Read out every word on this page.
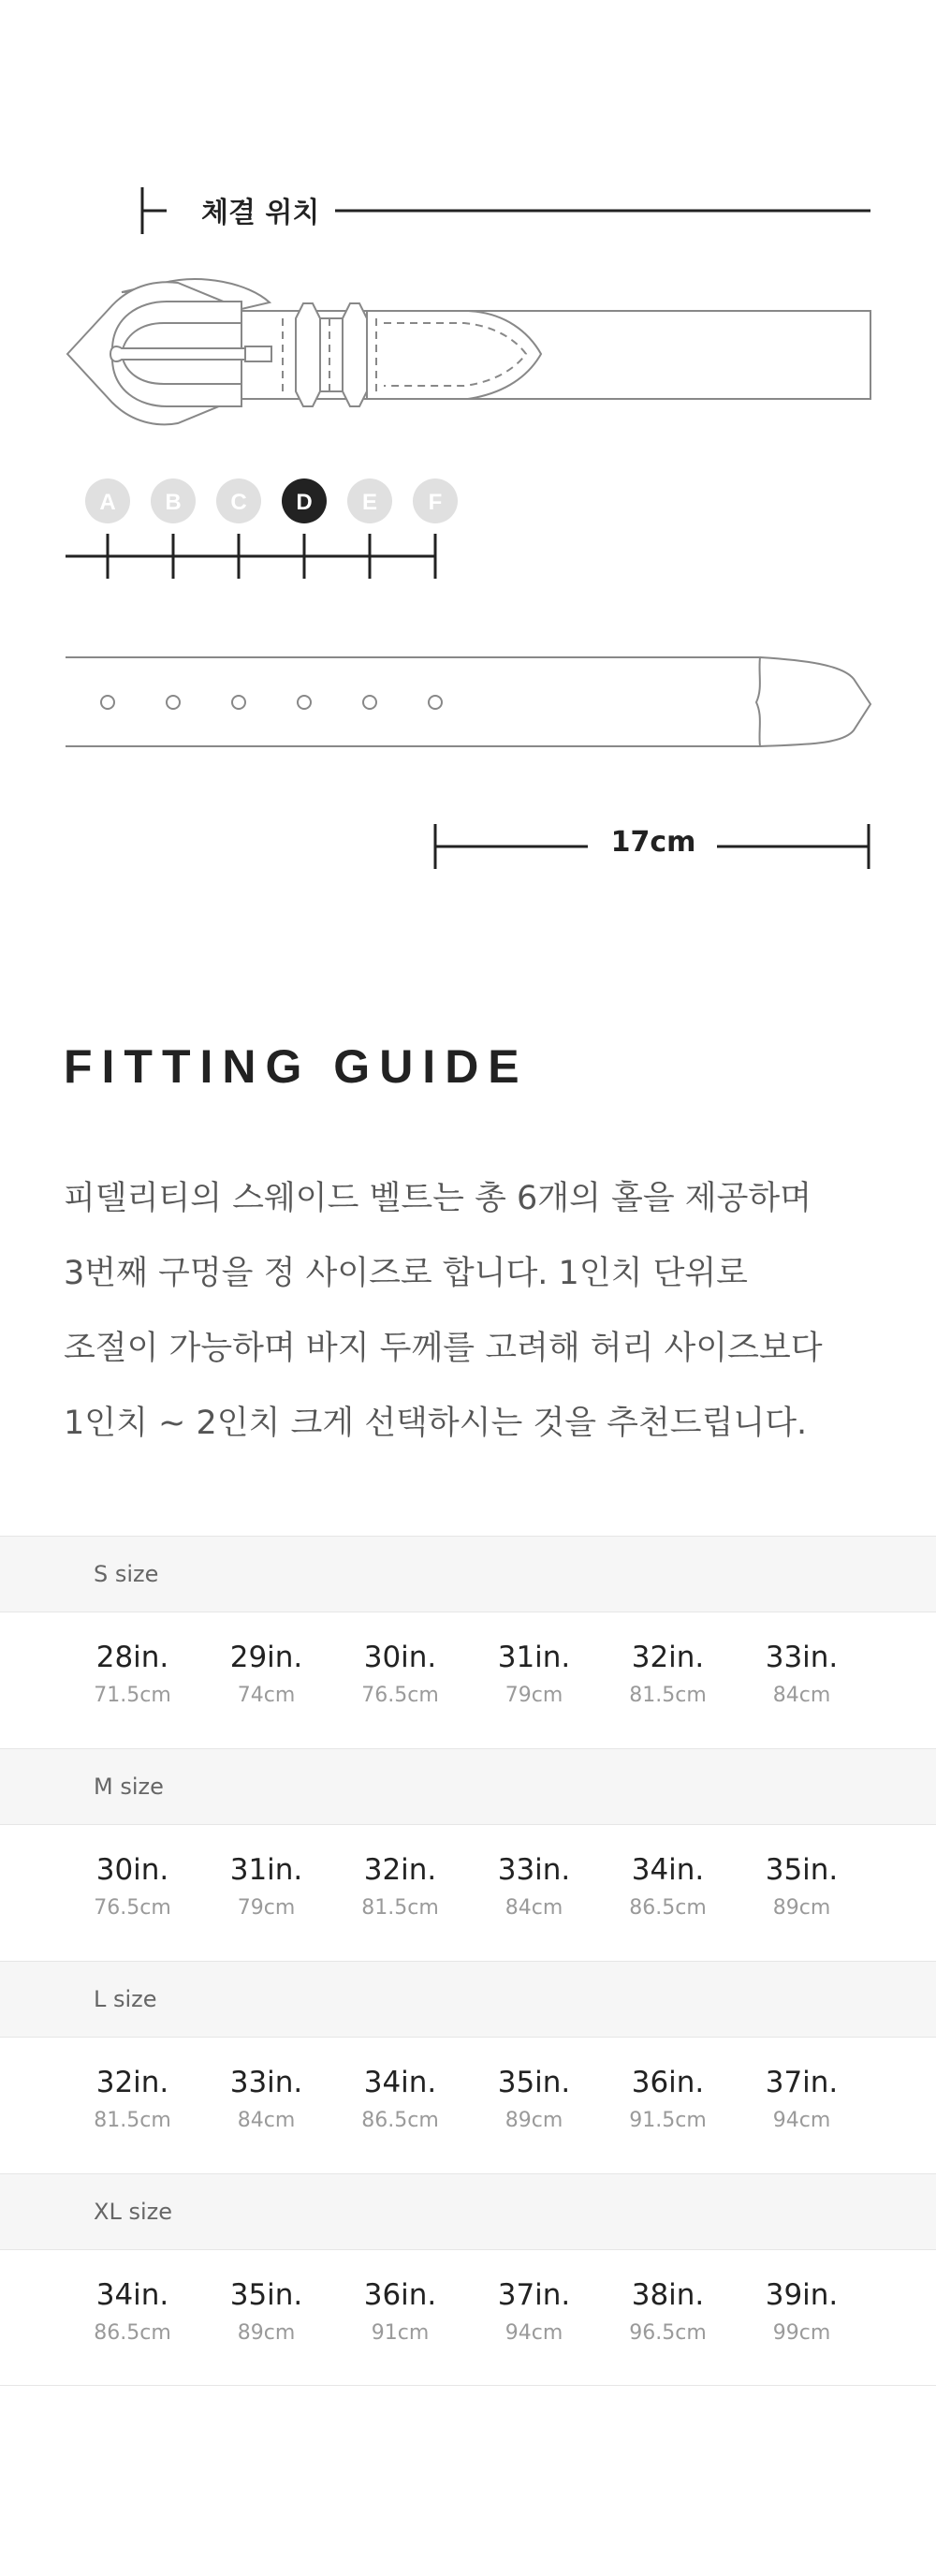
A B C D E F
체결 위치
17cm
FITTING GUIDE
피델리티의 스웨이드 벨트는 총 6개의 홀을 제공하며
3번째 구멍을 정 사이즈로 합니다. 1인치 단위로
조절이 가능하며 바지 두께를 고려해 허리 사이즈보다
1인치 ~ 2인치 크게 선택하시는 것을 추천드립니다.
S size
28in.
71.5cm
29in.
74cm
30in.
76.5cm
31in.
79cm
32in.
81.5cm
33in.
84cm
M size
30in.
76.5cm
31in.
79cm
32in.
81.5cm
33in.
84cm
34in.
86.5cm
35in.
89cm
L size
32in.
81.5cm
33in.
84cm
34in.
86.5cm
35in.
89cm
36in.
91.5cm
37in.
94cm
XL size
34in.
86.5cm
35in.
89cm
36in.
91cm
37in.
94cm
38in.
96.5cm
39in.
99cm
